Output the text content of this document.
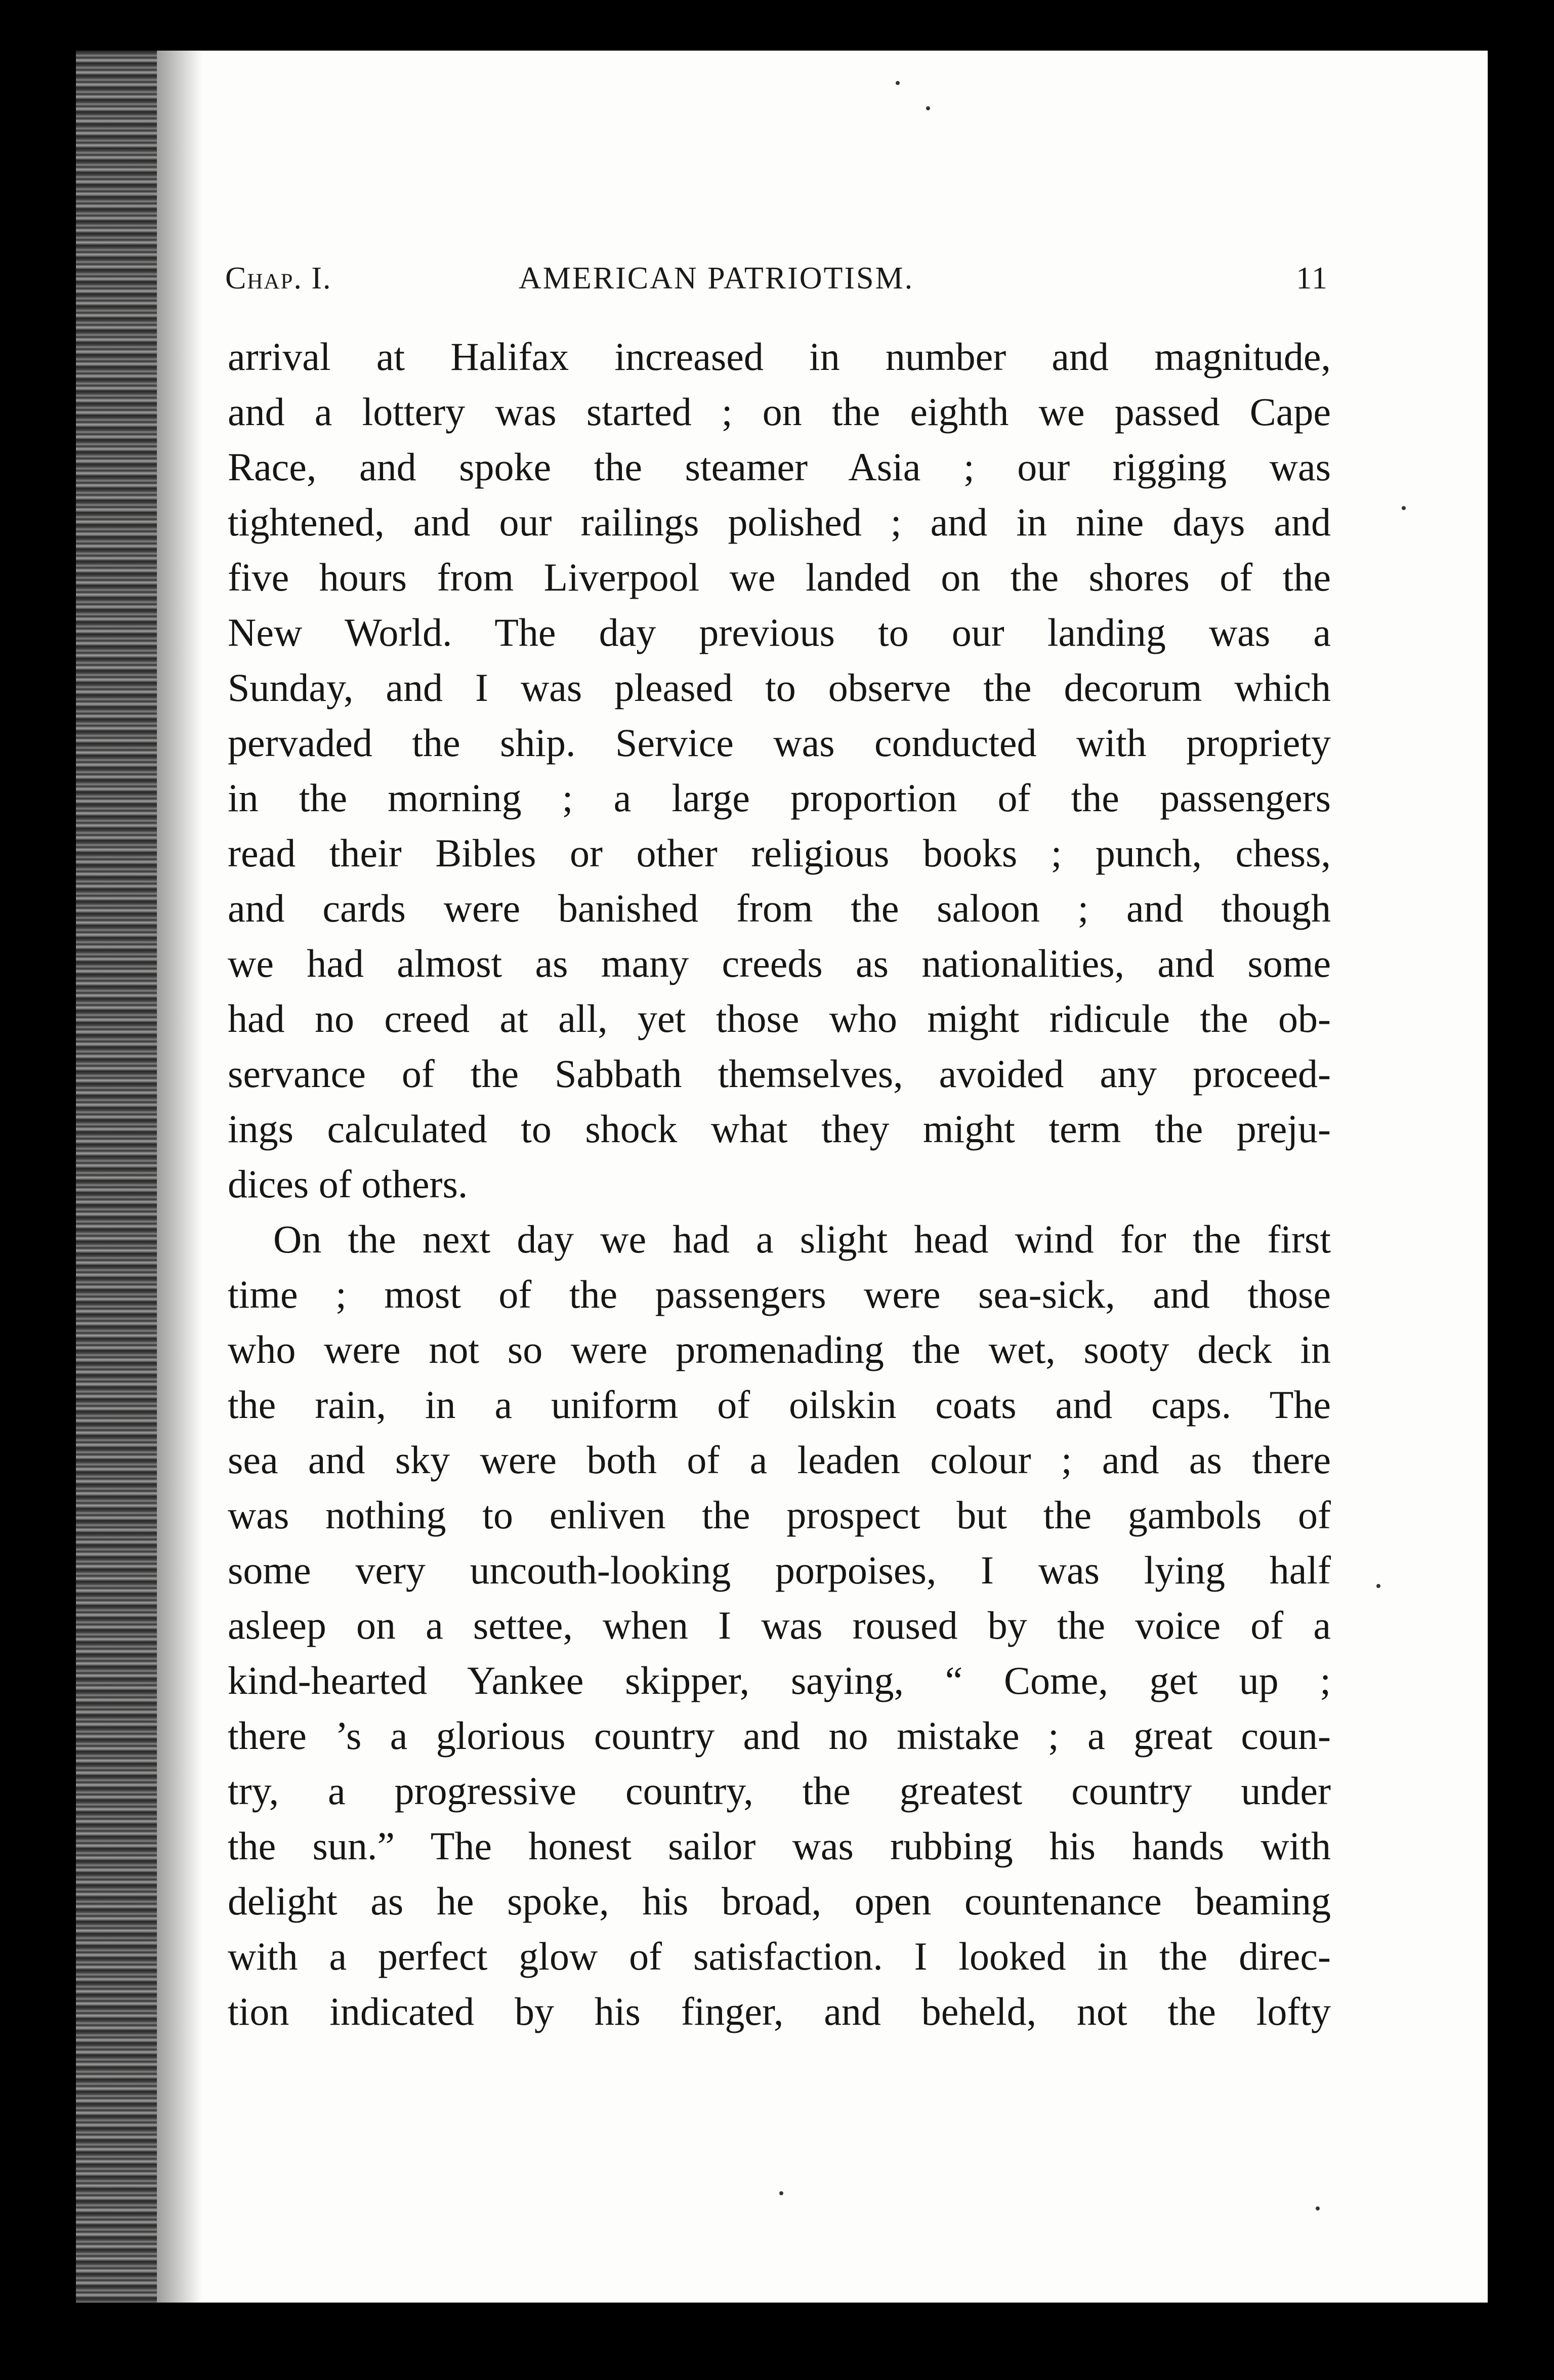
Chap. I.	AMERICAN PATRIOTISM.	11
arrival at Halifax increased in number and magnitude,
and a lottery was started ; on the eighth we passed Cape
Race, and spoke the steamer Asia ; our rigging was
tightened, and our railings polished ; and in nine days and
five hours from Liverpool we landed on the shores of the
New World. The day previous to our landing was a
Sunday, and I was pleased to observe the decorum which
pervaded the ship. Service was conducted with propriety
in the morning ; a large proportion of the passengers
read their Bibles or other religious books ; punch, chess,
and cards were banished from the saloon ; and though
we had almost as many creeds as nationalities, and some
had no creed at all, yet those who might ridicule the ob-
servance of the Sabbath themselves, avoided any proceed-
ings calculated to shock what they might term the preju-
dices of others.
On the next day we had a slight head wind for the first
time ; most of the passengers were sea-sick, and those
who were not so were promenading the wet, sooty deck in
the rain, in a uniform of oilskin coats and caps. The
sea and sky were both of a leaden colour ; and as there
was nothing to enliven the prospect but the gambols of
some very uncouth-looking porpoises, I was lying half
asleep on a settee, when I was roused by the voice of a
kind-hearted Yankee skipper, saying, “ Come, get up ;
there ’s a glorious country and no mistake ; a great coun-
try, a progressive country, the greatest country under
the sun.” The honest sailor was rubbing his hands with
delight as he spoke, his broad, open countenance beaming
with a perfect glow of satisfaction. I looked in the direc-
tion indicated by his finger, and beheld, not the lofty
